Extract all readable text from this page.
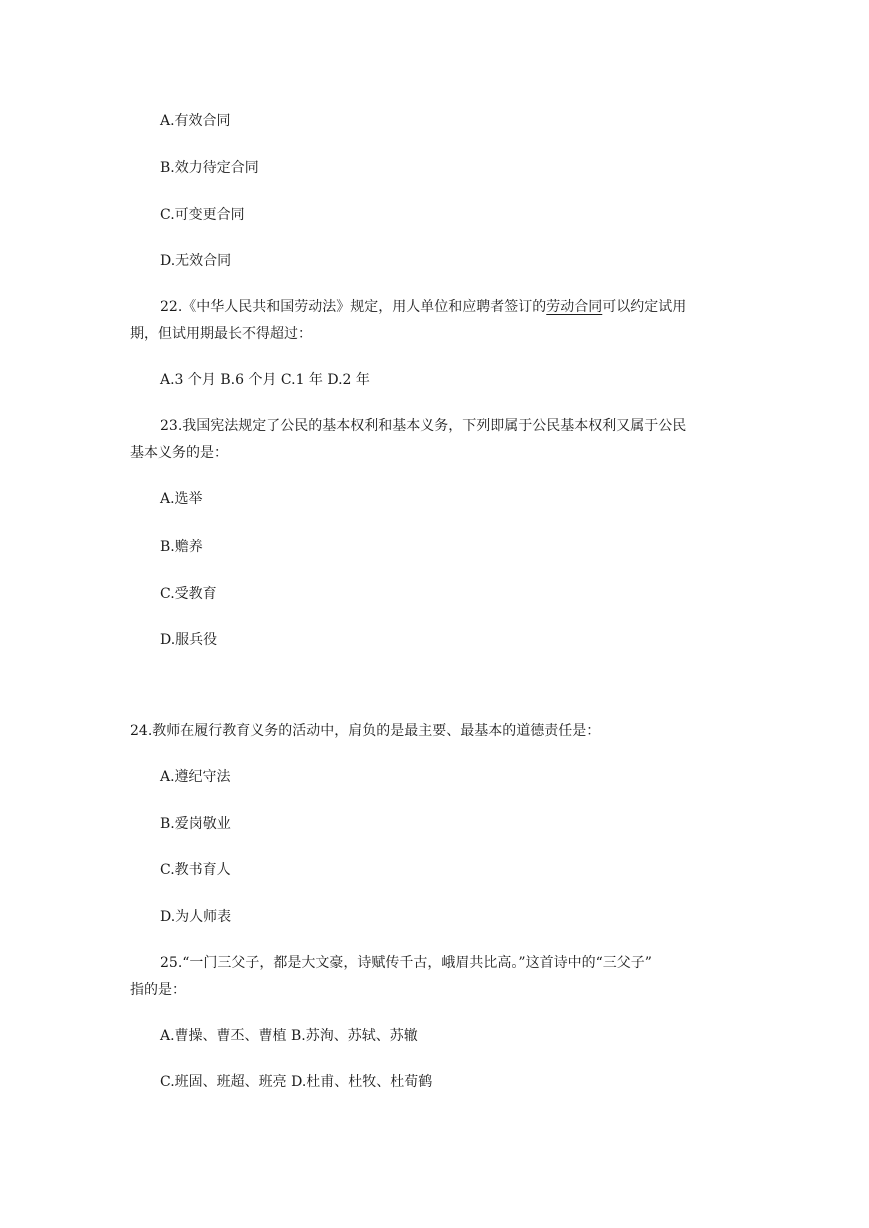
A.有效合同
B.效力待定合同
C.可变更合同
D.无效合同
22.《中华人民共和国劳动法》规定，用人单位和应聘者签订的劳动合同可以约定试用
期，但试用期最长不得超过：
A.3 个月 B.6 个月 C.1 年 D.2 年
23.我国宪法规定了公民的基本权利和基本义务，下列即属于公民基本权利又属于公民
基本义务的是：
A.选举
B.赡养
C.受教育
D.服兵役
24.教师在履行教育义务的活动中，肩负的是最主要、最基本的道德责任是：
A.遵纪守法
B.爱岗敬业
C.教书育人
D.为人师表
25.“一门三父子，都是大文豪，诗赋传千古，峨眉共比高。”这首诗中的“三父子”
指的是：
A.曹操、曹丕、曹植 B.苏洵、苏轼、苏辙
C.班固、班超、班亮 D.杜甫、杜牧、杜荀鹤
